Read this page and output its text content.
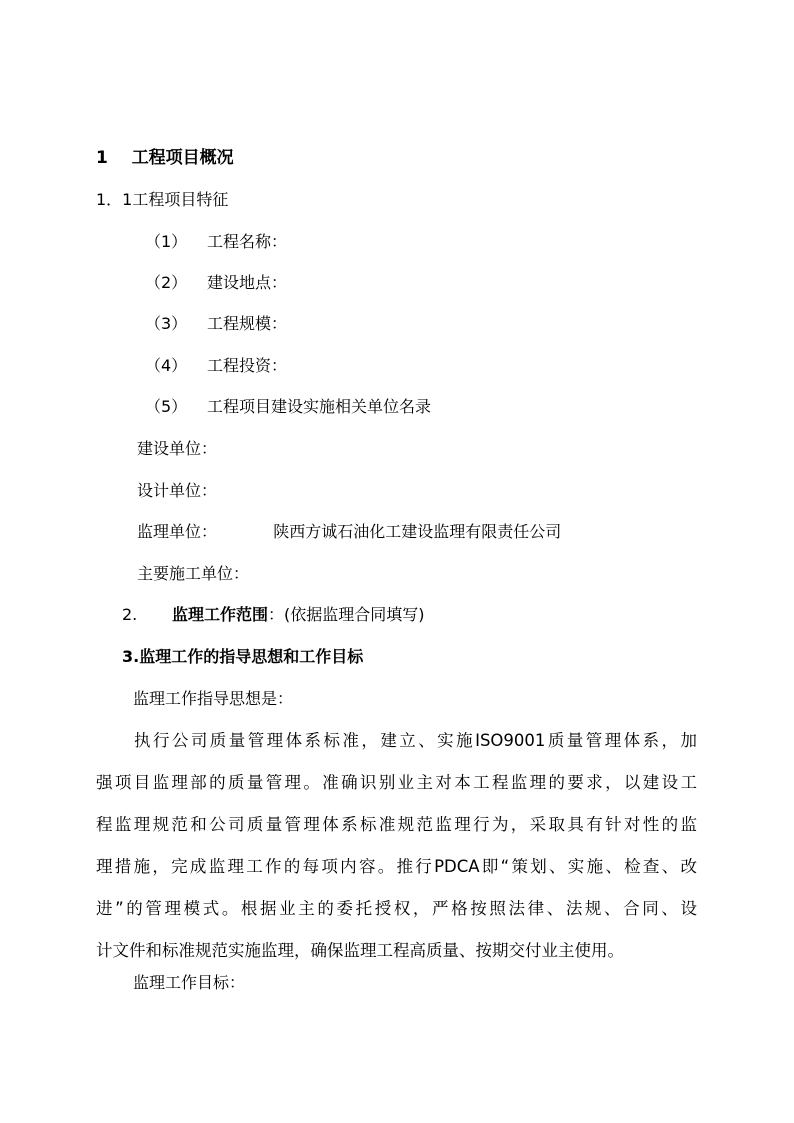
1 工程项目概况
1．1工程项目特征
（1） 工程名称：
（2） 建设地点：
（3） 工程规模：
（4） 工程投资：
（5） 工程项目建设实施相关单位名录
建设单位：
设计单位：
监理单位：	陕西方诚石油化工建设监理有限责任公司
主要施工单位：
2. 监理工作范围：(依据监理合同填写)
3.监理工作的指导思想和工作目标
监理工作指导思想是：
执行公司质量管理体系标准，建立、实施ISO9001质量管理体系，加
强项目监理部的质量管理。准确识别业主对本工程监理的要求，以建设工
程监理规范和公司质量管理体系标准规范监理行为，采取具有针对性的监
理措施，完成监理工作的每项内容。推行PDCA即“策划、实施、检查、改
进”的管理模式。根据业主的委托授权，严格按照法律、法规、合同、设
计文件和标准规范实施监理，确保监理工程高质量、按期交付业主使用。
监理工作目标：
